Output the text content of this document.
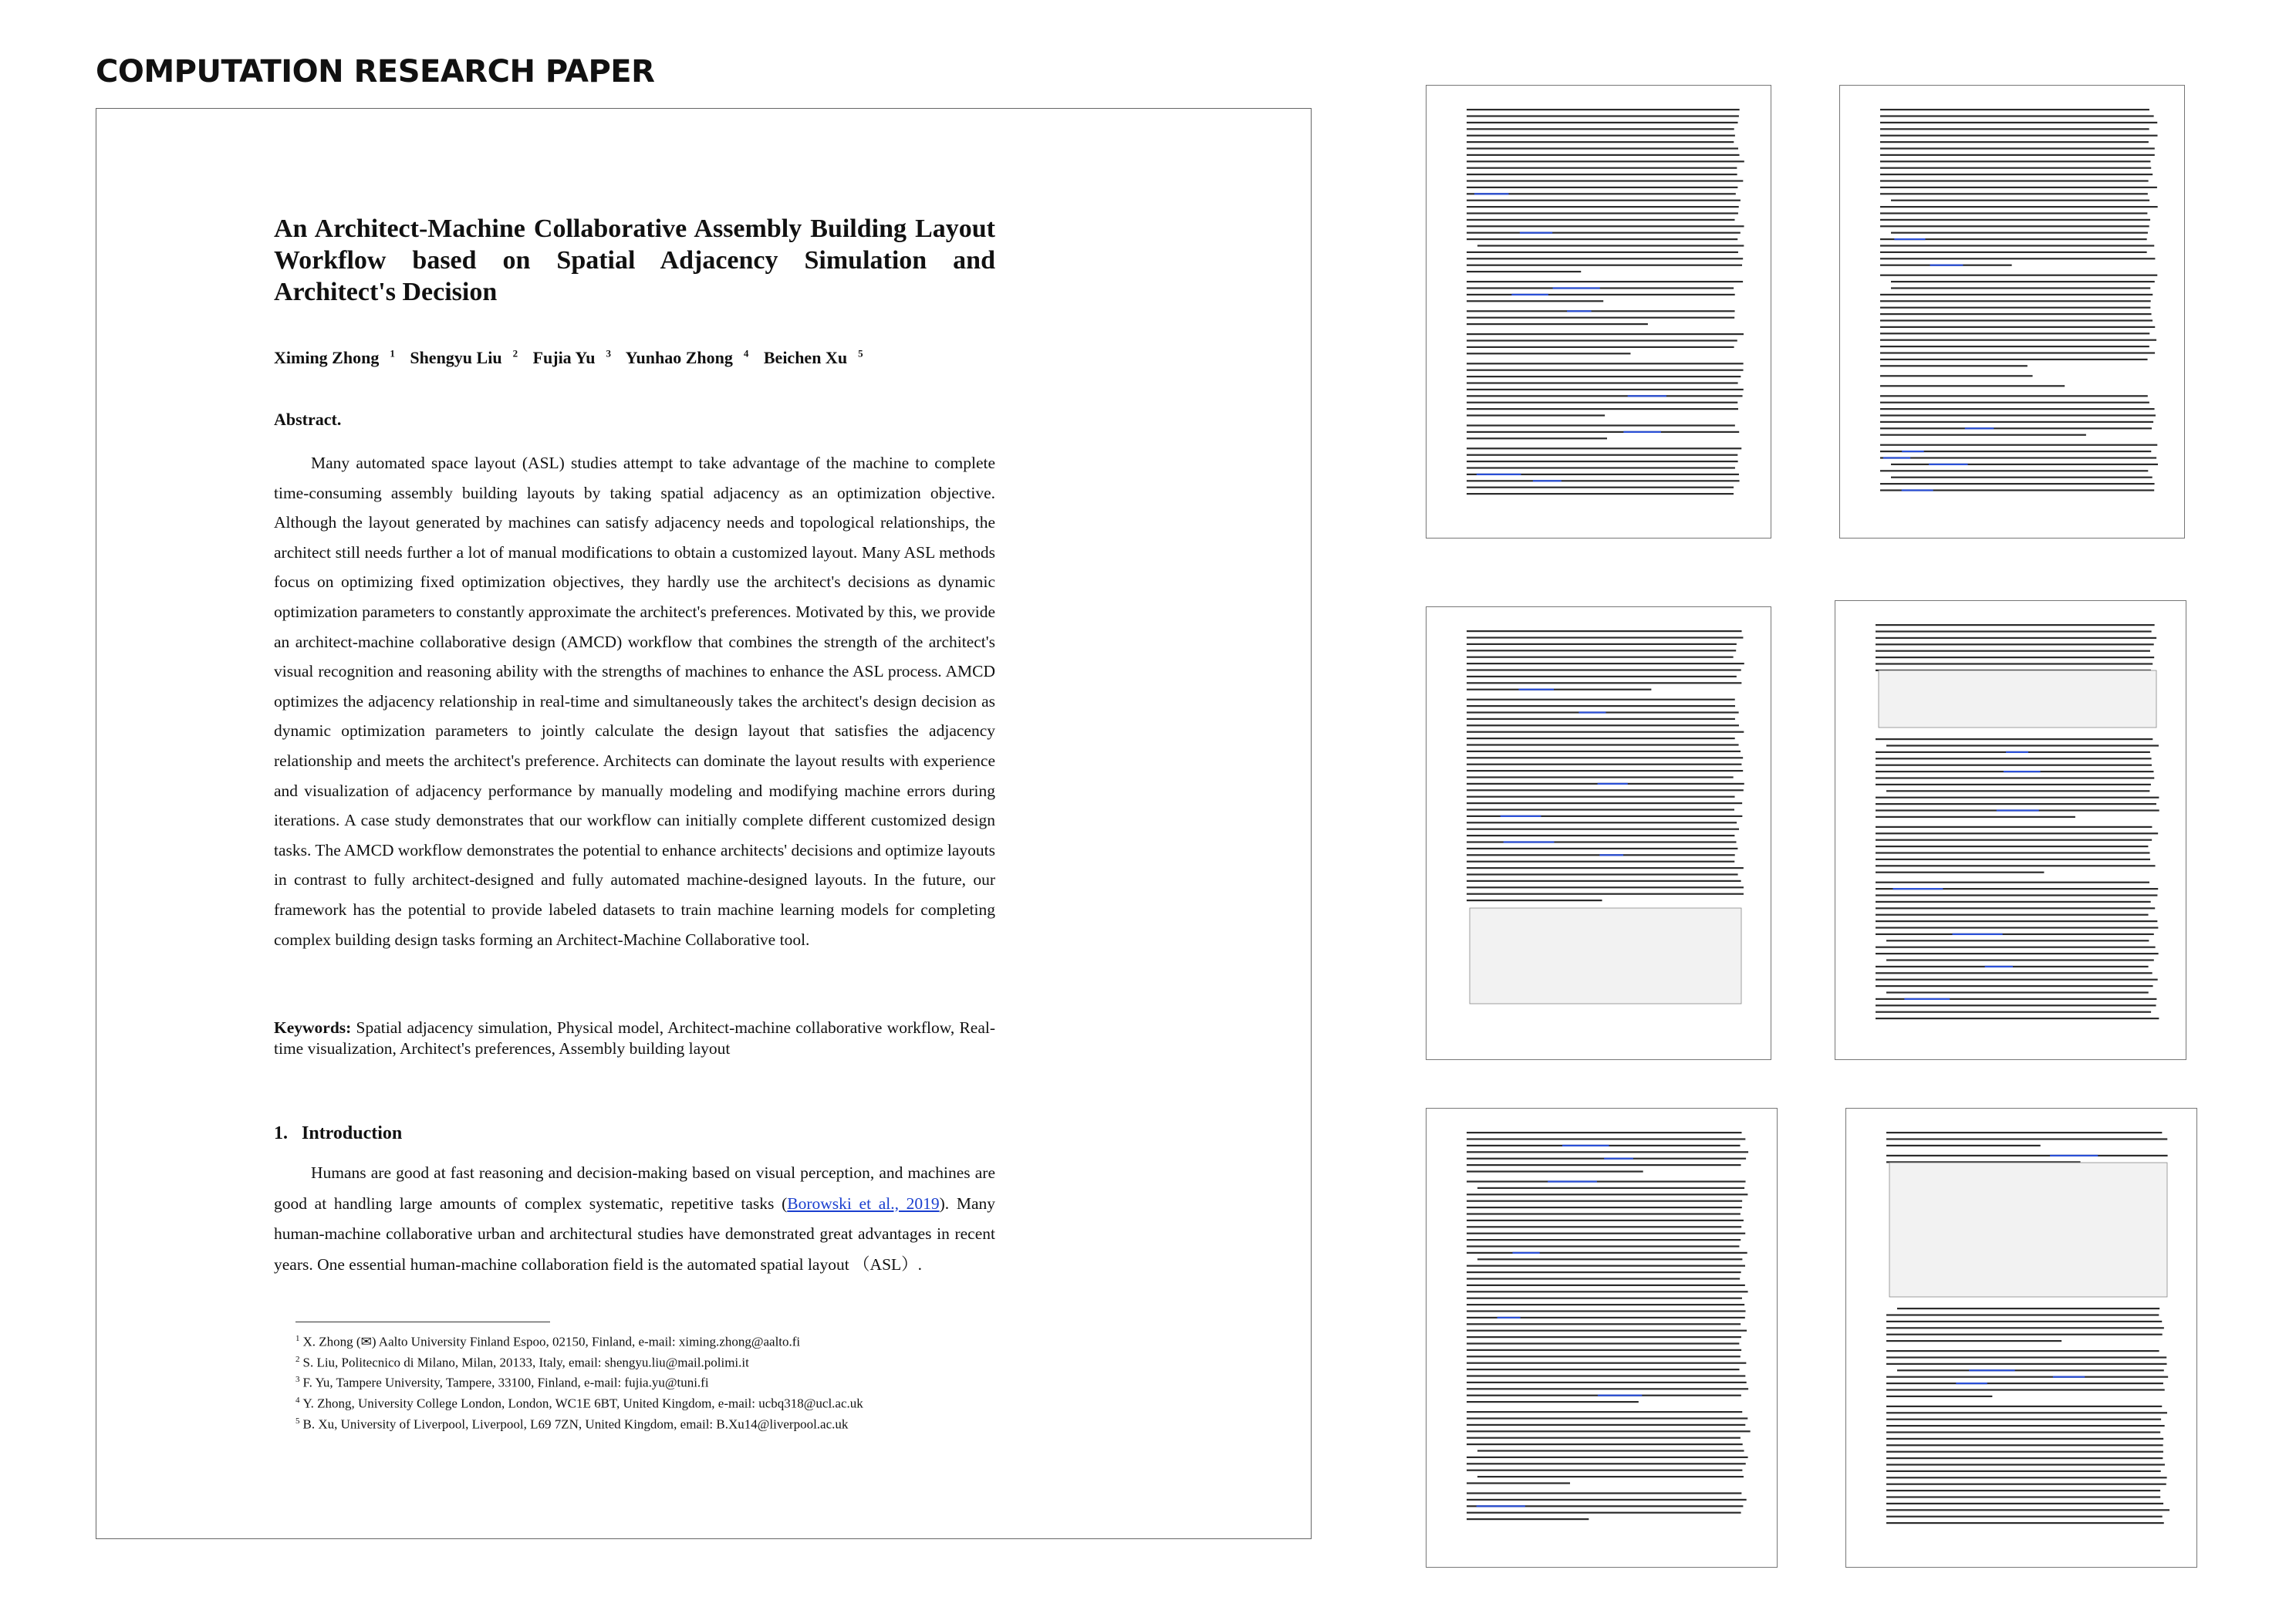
COMPUTATION RESEARCH PAPER
An Architect-Machine Collaborative Assembly Building Layout Workflow based on Spatial Adjacency Simulation and Architect's Decision
Ximing Zhong $^1$ Shengyu Liu $^2$ Fujia Yu $^3$ Yunhao Zhong $^4$ Beichen Xu $^5$
Abstract.
Many automated space layout (ASL) studies attempt to take advantage of the machine to complete time-consuming assembly building layouts by taking spatial adjacency as an optimization objective. Although the layout generated by machines can satisfy adjacency needs and topological relationships, the architect still needs further a lot of manual modifications to obtain a customized layout. Many ASL methods focus on optimizing fixed optimization objectives, they hardly use the architect's decisions as dynamic optimization parameters to constantly approximate the architect's preferences. Motivated by this, we provide an architect-machine collaborative design (AMCD) workflow that combines the strength of the architect's visual recognition and reasoning ability with the strengths of machines to enhance the ASL process. AMCD optimizes the adjacency relationship in real-time and simultaneously takes the architect's design decision as dynamic optimization parameters to jointly calculate the design layout that satisfies the adjacency relationship and meets the architect's preference. Architects can dominate the layout results with experience and visualization of adjacency performance by manually modeling and modifying machine errors during iterations. A case study demonstrates that our workflow can initially complete different customized design tasks. The AMCD workflow demonstrates the potential to enhance architects' decisions and optimize layouts in contrast to fully architect-designed and fully automated machine-designed layouts. In the future, our framework has the potential to provide labeled datasets to train machine learning models for completing complex building design tasks forming an Architect-Machine Collaborative tool.
Keywords: Spatial adjacency simulation, Physical model, Architect-machine collaborative workflow, Real-time visualization, Architect's preferences, Assembly building layout
1. Introduction
Humans are good at fast reasoning and decision-making based on visual perception, and machines are good at handling large amounts of complex systematic, repetitive tasks (Borowski et al., 2019). Many human-machine collaborative urban and architectural studies have demonstrated great advantages in recent years. One essential human-machine collaboration field is the automated spatial layout （ASL）.
$^1$ X. Zhong (✉) Aalto University Finland Espoo, 02150, Finland, e-mail: ximing.zhong@aalto.fi
$^2$ S. Liu, Politecnico di Milano, Milan, 20133, Italy, email: shengyu.liu@mail.polimi.it
$^3$ F. Yu, Tampere University, Tampere, 33100, Finland, e-mail: fujia.yu@tuni.fi
$^4$ Y. Zhong, University College London, London, WC1E 6BT, United Kingdom, e-mail: ucbq318@ucl.ac.uk
$^5$ B. Xu, University of Liverpool, Liverpool, L69 7ZN, United Kingdom, email: B.Xu14@liverpool.ac.uk
